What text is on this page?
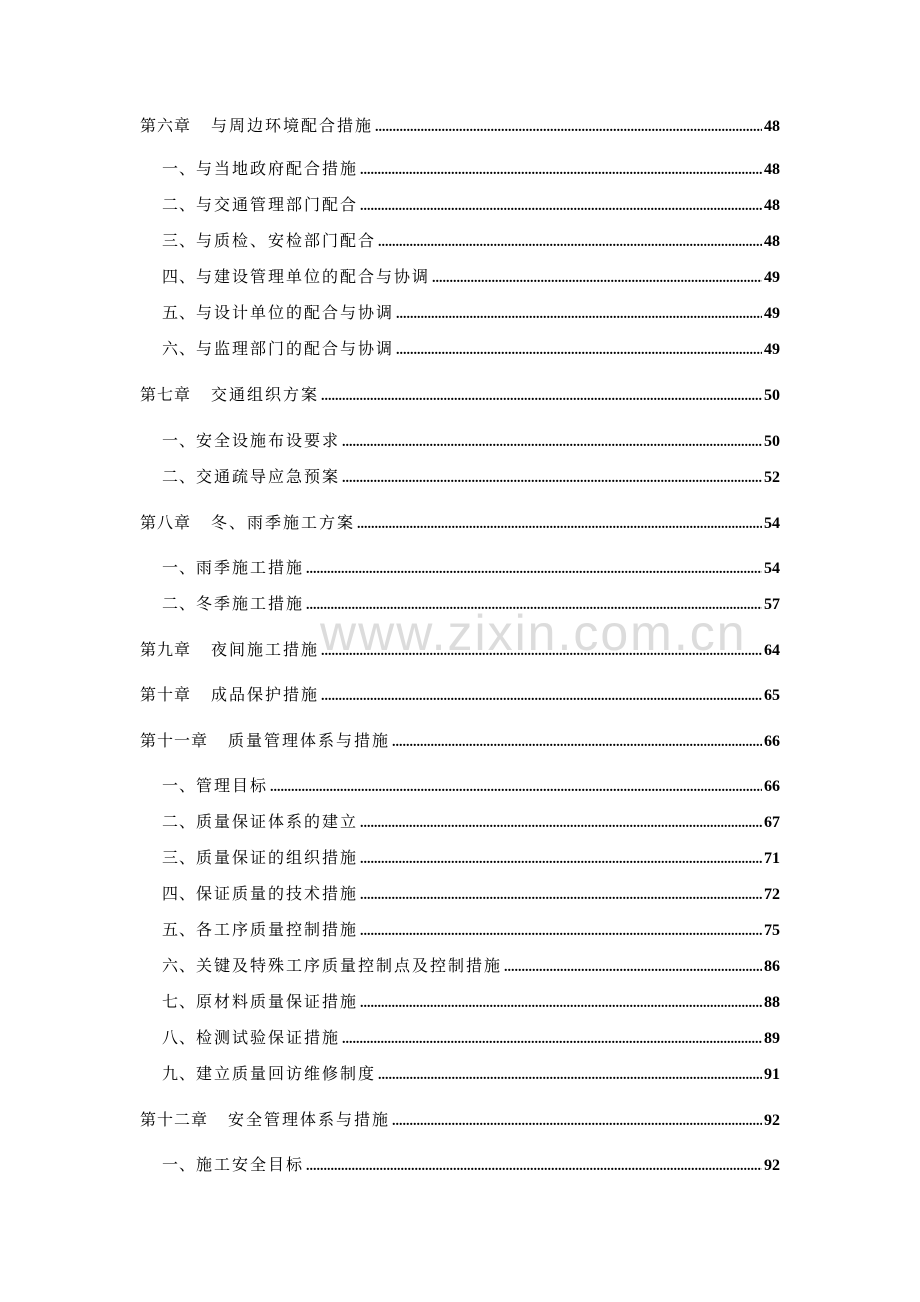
www.zixin.com.cn
第六章 与周边环境配合措施 .....	48
一、 与当地政府配合措施 .....	48
二、 与交通管理部门配合 .....	48
三、 与质检、安检部门配合 .....	48
四、 与建设管理单位的配合与协调 .....	49
五、 与设计单位的配合与协调 .....	49
六、 与监理部门的配合与协调 .....	49
第七章 交通组织方案 .....	50
一、 安全设施布设要求 .....	50
二、 交通疏导应急预案 .....	52
第八章 冬、雨季施工方案 .....	54
一、 雨季施工措施 .....	54
二、 冬季施工措施 .....	57
第九章 夜间施工措施 .....	64
第十章 成品保护措施 .....	65
第十一章 质量管理体系与措施 .....	66
一、 管理目标 .....	66
二、 质量保证体系的建立 .....	67
三、 质量保证的组织措施 .....	71
四、 保证质量的技术措施 .....	72
五、 各工序质量控制措施 .....	75
六、 关键及特殊工序质量控制点及控制措施 .....	86
七、 原材料质量保证措施 .....	88
八、 检测试验保证措施 .....	89
九、 建立质量回访维修制度 .....	91
第十二章 安全管理体系与措施 .....	92
一、 施工安全目标 .....	92
